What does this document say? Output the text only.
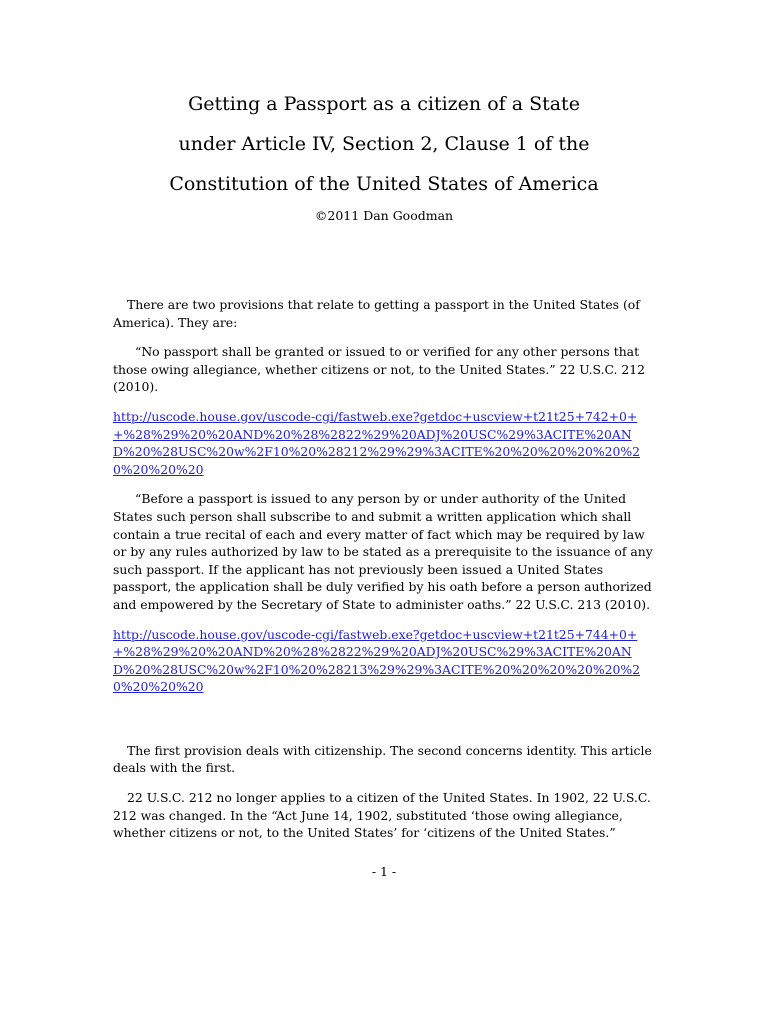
Getting a Passport as a citizen of a State
under Article IV, Section 2, Clause 1 of the
Constitution of the United States of America
©2011 Dan Goodman

There are two provisions that relate to getting a passport in the United States (of America). They are:

“No passport shall be granted or issued to or verified for any other persons that those owing allegiance, whether citizens or not, to the United States.” 22 U.S.C. 212 (2010).

http://uscode.house.gov/uscode-cgi/fastweb.exe?getdoc+uscview+t21t25+742+0++%28%29%20%20AND%20%28%2822%29%20ADJ%20USC%29%3ACITE%20AND%20%28USC%20w%2F10%20%28212%29%29%3ACITE%20%20%20%20%20%20%20%20%20

“Before a passport is issued to any person by or under authority of the United States such person shall subscribe to and submit a written application which shall contain a true recital of each and every matter of fact which may be required by law or by any rules authorized by law to be stated as a prerequisite to the issuance of any such passport. If the applicant has not previously been issued a United States passport, the application shall be duly verified by his oath before a person authorized and empowered by the Secretary of State to administer oaths.” 22 U.S.C. 213 (2010).

http://uscode.house.gov/uscode-cgi/fastweb.exe?getdoc+uscview+t21t25+744+0++%28%29%20%20AND%20%28%2822%29%20ADJ%20USC%29%3ACITE%20AND%20%28USC%20w%2F10%20%28213%29%29%3ACITE%20%20%20%20%20%20%20%20%20

The first provision deals with citizenship. The second concerns identity. This article deals with the first.

22 U.S.C. 212 no longer applies to a citizen of the United States. In 1902, 22 U.S.C. 212 was changed. In the “Act June 14, 1902, substituted ‘those owing allegiance, whether citizens or not, to the United States’ for ‘citizens of the United States.”

- 1 -
